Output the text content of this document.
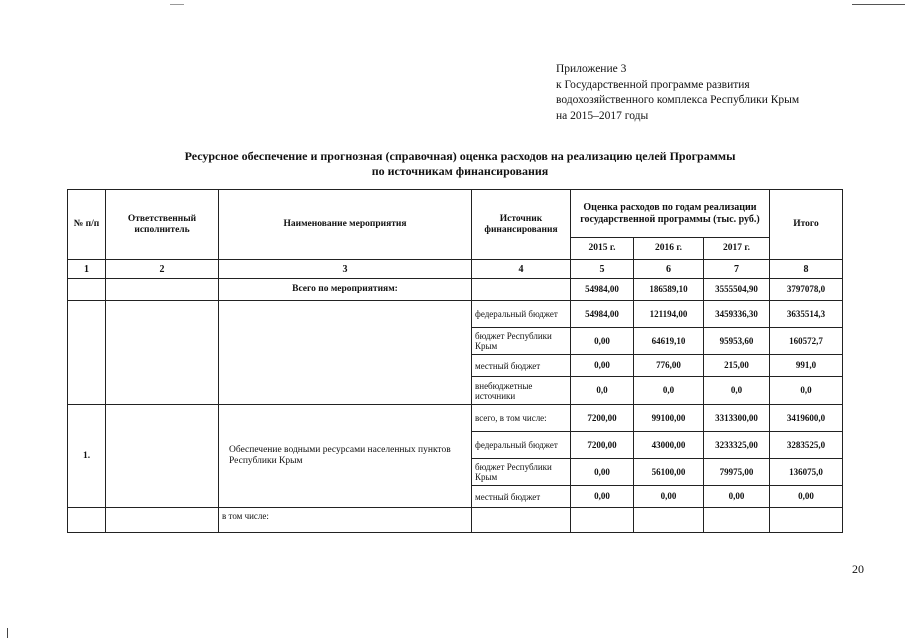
Приложение 3
к Государственной программе развития
водохозяйственного комплекса Республики Крым
на 2015–2017 годы
Ресурсное обеспечение и прогнозная (справочная) оценка расходов на реализацию целей Программы
по источникам финансирования
№ п/п	Ответственный исполнитель	Наименование мероприятия	Источник финансирования	Оценка расходов по годам реализации государственной программы (тыс. руб.)			Итого
				2015 г.	2016 г.	2017 г.	
1	2	3	4	5	6	7	8
		Всего по мероприятиям:		54984,00	186589,10	3555504,90	3797078,0
			федеральный бюджет	54984,00	121194,00	3459336,30	3635514,3
			бюджет Республики Крым	0,00	64619,10	95953,60	160572,7
			местный бюджет	0,00	776,00	215,00	991,0
			внебюджетные источники	0,0	0,0	0,0	0,0
1.		Обеспечение водными ресурсами населенных пунктов Республики Крым	всего, в том числе:	7200,00	99100,00	3313300,00	3419600,0
			федеральный бюджет	7200,00	43000,00	3233325,00	3283525,0
			бюджет Республики Крым	0,00	56100,00	79975,00	136075,0
			местный бюджет	0,00	0,00	0,00	0,00
		в том числе:					
20
